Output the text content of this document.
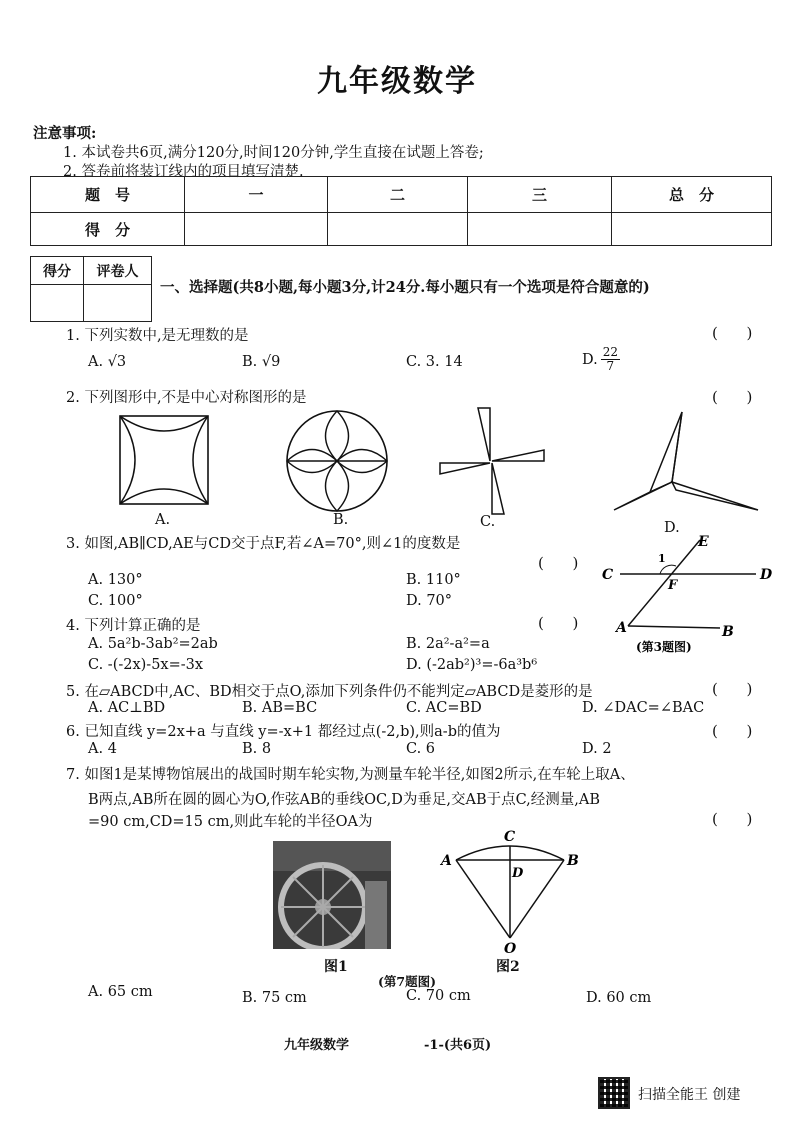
九年级数学
注意事项:
1. 本试卷共6页,满分120分,时间120分钟,学生直接在试题上答卷;
2. 答卷前将装订线内的项目填写清楚.
题　号	一	二	三	总　分
得　分				
得分	评卷人

一、选择题(共8小题,每小题3分,计24分.每小题只有一个选项是符合题意的)
1. 下列实数中,是无理数的是	(      )
A. √3	B. √9	C. 3. 14	D. $\frac{22}{7}$
2. 下列图形中,不是中心对称图形的是	(      )
A.	B.	C.	D.
3. 如图,AB∥CD,AE与CD交于点F,若∠A=70°,则∠1的度数是
(      )
A. 130°	B. 110°
C. 100°	D. 70°
E
C	D
F
1
A	B
(第3题图)
4. 下列计算正确的是	(      )
A. 5a²b-3ab²=2ab	B. 2a²-a²=a
C. -(-2x)-5x=-3x	D. (-2ab²)³=-6a³b⁶
5. 在▱ABCD中,AC、BD相交于点O,添加下列条件仍不能判定▱ABCD是菱形的是	(      )
A. AC⊥BD	B. AB=BC	C. AC=BD	D. ∠DAC=∠BAC
6. 已知直线 y=2x+a 与直线 y=-x+1 都经过点(-2,b),则a-b的值为	(      )
A. 4	B. 8	C. 6	D. 2
7. 如图1是某博物馆展出的战国时期车轮实物,为测量车轮半径,如图2所示,在车轮上取A、
B两点,AB所在圆的圆心为O,作弦AB的垂线OC,D为垂足,交AB于点C,经测量,AB
=90 cm,CD=15 cm,则此车轮的半径OA为	(      )
图1
A	B
C
D
O
图2
(第7题图)
A. 65 cm	B. 75 cm	C. 70 cm	D. 60 cm
九年级数学	-1-(共6页)
扫描全能王 创建
